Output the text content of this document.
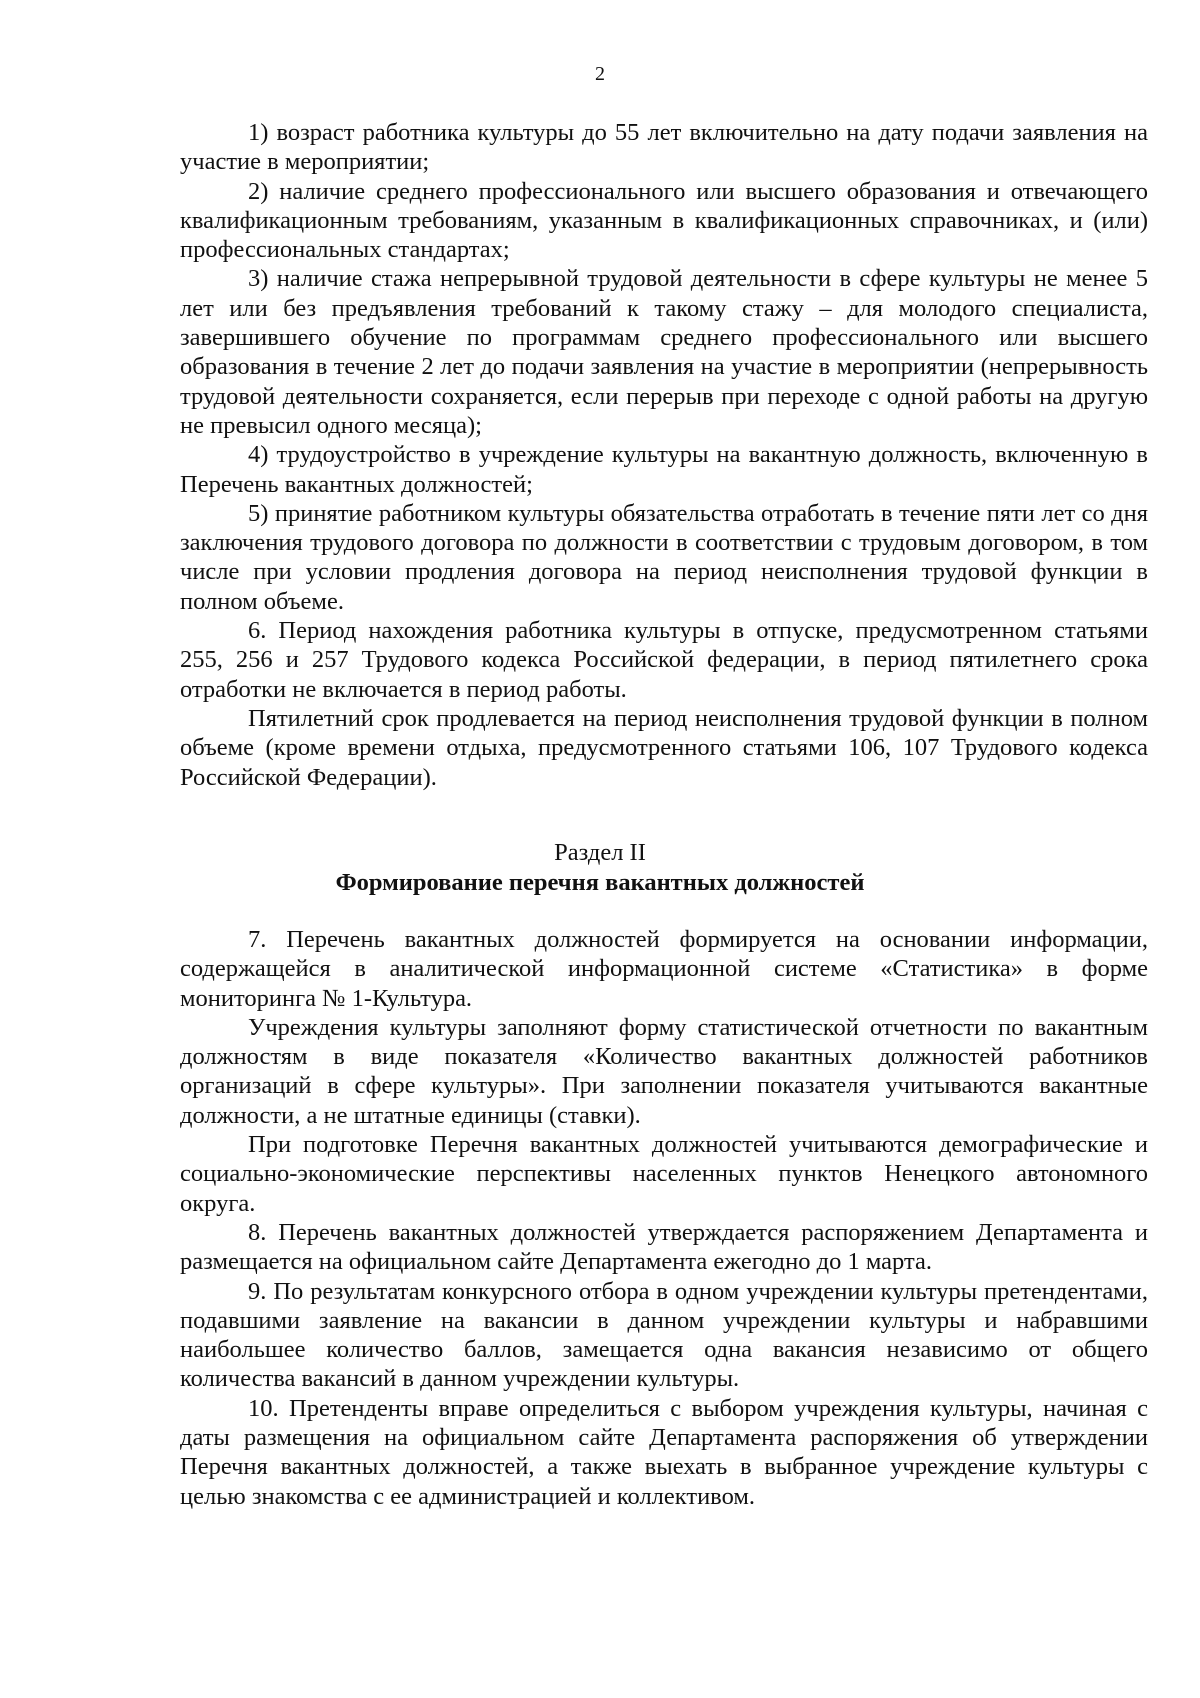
2

1) возраст работника культуры до 55 лет включительно на дату подачи заявления на участие в мероприятии;

2) наличие среднего профессионального или высшего образования и отвечающего квалификационным требованиям, указанным в квалификационных справочниках, и (или) профессиональных стандартах;

3) наличие стажа непрерывной трудовой деятельности в сфере культуры не менее 5 лет или без предъявления требований к такому стажу – для молодого специалиста, завершившего обучение по программам среднего профессионального или высшего образования в течение 2 лет до подачи заявления на участие в мероприятии (непрерывность трудовой деятельности сохраняется, если перерыв при переходе с одной работы на другую не превысил одного месяца);

4) трудоустройство в учреждение культуры на вакантную должность, включенную в Перечень вакантных должностей;

5) принятие работником культуры обязательства отработать в течение пяти лет со дня заключения трудового договора по должности в соответствии с трудовым договором, в том числе при условии продления договора на период неисполнения трудовой функции в полном объеме.

6. Период нахождения работника культуры в отпуске, предусмотренном статьями 255, 256 и 257 Трудового кодекса Российской федерации, в период пятилетнего срока отработки не включается в период работы.

Пятилетний срок продлевается на период неисполнения трудовой функции в полном объеме (кроме времени отдыха, предусмотренного статьями 106, 107 Трудового кодекса Российской Федерации).

Раздел II

Формирование перечня вакантных должностей

7. Перечень вакантных должностей формируется на основании информации, содержащейся в аналитической информационной системе «Статистика» в форме мониторинга № 1-Культура.

Учреждения культуры заполняют форму статистической отчетности по вакантным должностям в виде показателя «Количество вакантных должностей работников организаций в сфере культуры». При заполнении показателя учитываются вакантные должности, а не штатные единицы (ставки).

При подготовке Перечня вакантных должностей учитываются демографические и социально-экономические перспективы населенных пунктов Ненецкого автономного округа.

8. Перечень вакантных должностей утверждается распоряжением Департамента и размещается на официальном сайте Департамента ежегодно до 1 марта.

9. По результатам конкурсного отбора в одном учреждении культуры претендентами, подавшими заявление на вакансии в данном учреждении культуры и набравшими наибольшее количество баллов, замещается одна вакансия независимо от общего количества вакансий в данном учреждении культуры.

10. Претенденты вправе определиться с выбором учреждения культуры, начиная с даты размещения на официальном сайте Департамента распоряжения об утверждении Перечня вакантных должностей, а также выехать в выбранное учреждение культуры с целью знакомства с ее администрацией и коллективом.
